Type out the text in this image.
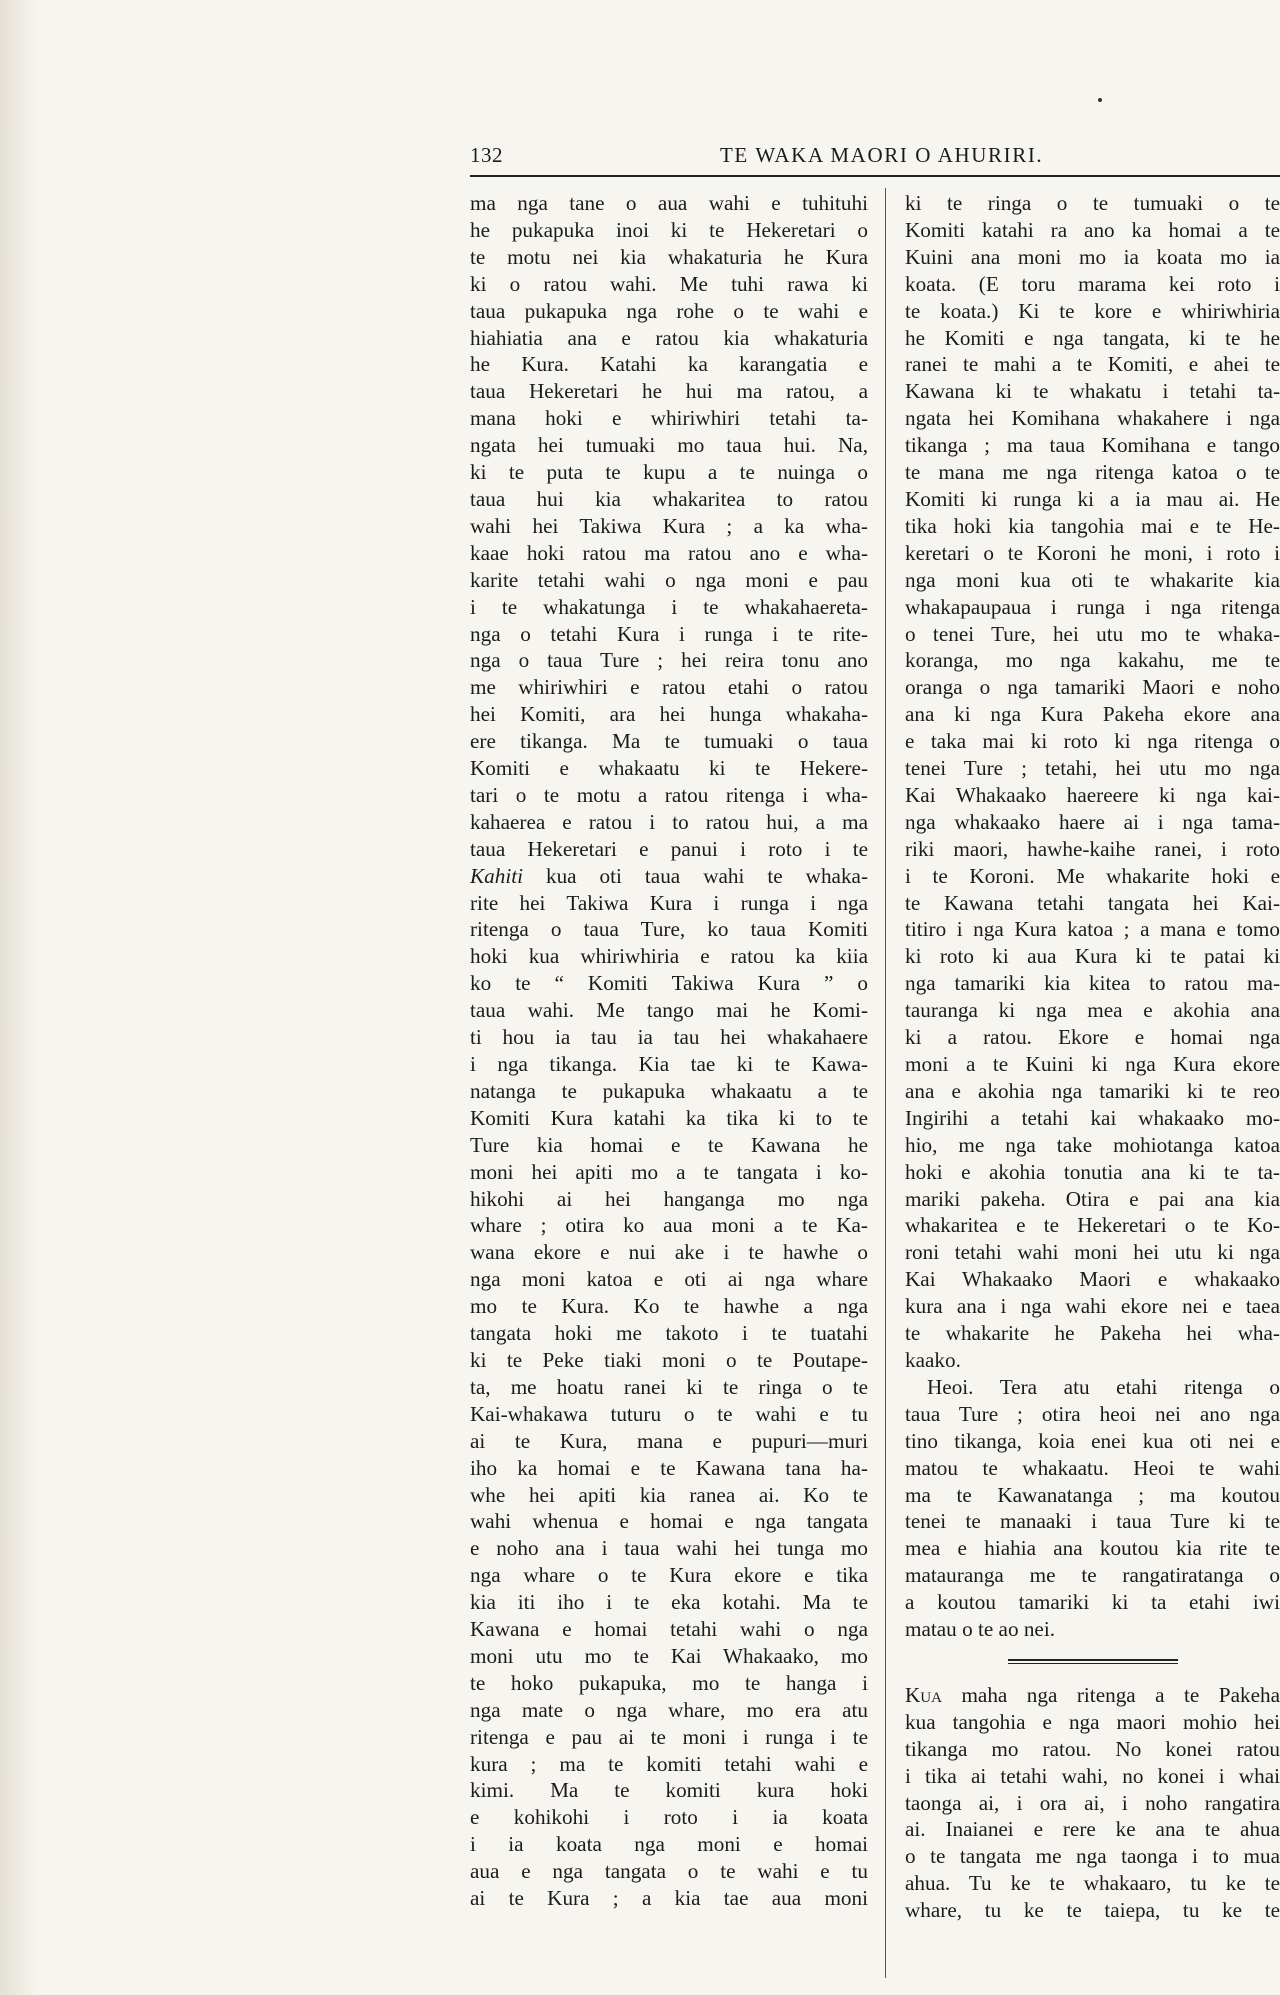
132	TE WAKA MAORI O AHURIRI.
ma nga tane o aua wahi e tuhituhi
he pukapuka inoi ki te Hekeretari o
te motu nei kia whakaturia he Kura
ki o ratou wahi. Me tuhi rawa ki
taua pukapuka nga rohe o te wahi e
hiahiatia ana e ratou kia whakaturia
he Kura. Katahi ka karangatia e
taua Hekeretari he hui ma ratou, a
mana hoki e whiriwhiri tetahi ta-
ngata hei tumuaki mo taua hui. Na,
ki te puta te kupu a te nuinga o
taua hui kia whakaritea to ratou
wahi hei Takiwa Kura ; a ka wha-
kaae hoki ratou ma ratou ano e wha-
karite tetahi wahi o nga moni e pau
i te whakatunga i te whakahaereta-
nga o tetahi Kura i runga i te rite-
nga o taua Ture ; hei reira tonu ano
me whiriwhiri e ratou etahi o ratou
hei Komiti, ara hei hunga whakaha-
ere tikanga. Ma te tumuaki o taua
Komiti e whakaatu ki te Hekere-
tari o te motu a ratou ritenga i wha-
kahaerea e ratou i to ratou hui, a ma
taua Hekeretari e panui i roto i te
Kahiti kua oti taua wahi te whaka-
rite hei Takiwa Kura i runga i nga
ritenga o taua Ture, ko taua Komiti
hoki kua whiriwhiria e ratou ka kiia
ko te “ Komiti Takiwa Kura ” o
taua wahi. Me tango mai he Komi-
ti hou ia tau ia tau hei whakahaere
i nga tikanga. Kia tae ki te Kawa-
natanga te pukapuka whakaatu a te
Komiti Kura katahi ka tika ki to te
Ture kia homai e te Kawana he
moni hei apiti mo a te tangata i ko-
hikohi ai hei hanganga mo nga
whare ; otira ko aua moni a te Ka-
wana ekore e nui ake i te hawhe o
nga moni katoa e oti ai nga whare
mo te Kura. Ko te hawhe a nga
tangata hoki me takoto i te tuatahi
ki te Peke tiaki moni o te Poutape-
ta, me hoatu ranei ki te ringa o te
Kai-whakawa tuturu o te wahi e tu
ai te Kura, mana e pupuri—muri
iho ka homai e te Kawana tana ha-
whe hei apiti kia ranea ai. Ko te
wahi whenua e homai e nga tangata
e noho ana i taua wahi hei tunga mo
nga whare o te Kura ekore e tika
kia iti iho i te eka kotahi. Ma te
Kawana e homai tetahi wahi o nga
moni utu mo te Kai Whakaako, mo
te hoko pukapuka, mo te hanga i
nga mate o nga whare, mo era atu
ritenga e pau ai te moni i runga i te
kura ; ma te komiti tetahi wahi e
kimi. Ma te komiti kura hoki
e kohikohi i roto i ia koata
i ia koata nga moni e homai
aua e nga tangata o te wahi e tu
ai te Kura ; a kia tae aua moni
ki te ringa o te tumuaki o te
Komiti katahi ra ano ka homai a te
Kuini ana moni mo ia koata mo ia
koata. (E toru marama kei roto i
te koata.) Ki te kore e whiriwhiria
he Komiti e nga tangata, ki te he
ranei te mahi a te Komiti, e ahei te
Kawana ki te whakatu i tetahi ta-
ngata hei Komihana whakahere i nga
tikanga ; ma taua Komihana e tango
te mana me nga ritenga katoa o te
Komiti ki runga ki a ia mau ai. He
tika hoki kia tangohia mai e te He-
keretari o te Koroni he moni, i roto i
nga moni kua oti te whakarite kia
whakapaupaua i runga i nga ritenga
o tenei Ture, hei utu mo te whaka-
koranga, mo nga kakahu, me te
oranga o nga tamariki Maori e noho
ana ki nga Kura Pakeha ekore ana
e taka mai ki roto ki nga ritenga o
tenei Ture ; tetahi, hei utu mo nga
Kai Whakaako haereere ki nga kai-
nga whakaako haere ai i nga tama-
riki maori, hawhe-kaihe ranei, i roto
i te Koroni. Me whakarite hoki e
te Kawana tetahi tangata hei Kai-
titiro i nga Kura katoa ; a mana e tomo
ki roto ki aua Kura ki te patai ki
nga tamariki kia kitea to ratou ma-
tauranga ki nga mea e akohia ana
ki a ratou. Ekore e homai nga
moni a te Kuini ki nga Kura ekore
ana e akohia nga tamariki ki te reo
Ingirihi a tetahi kai whakaako mo-
hio, me nga take mohiotanga katoa
hoki e akohia tonutia ana ki te ta-
mariki pakeha. Otira e pai ana kia
whakaritea e te Hekeretari o te Ko-
roni tetahi wahi moni hei utu ki nga
Kai Whakaako Maori e whakaako
kura ana i nga wahi ekore nei e taea
te whakarite he Pakeha hei wha-
kaako.
Heoi. Tera atu etahi ritenga o
taua Ture ; otira heoi nei ano nga
tino tikanga, koia enei kua oti nei e
matou te whakaatu. Heoi te wahi
ma te Kawanatanga ; ma koutou
tenei te manaaki i taua Ture ki te
mea e hiahia ana koutou kia rite te
matauranga me te rangatiratanga o
a koutou tamariki ki ta etahi iwi
matau o te ao nei.
Kua maha nga ritenga a te Pakeha
kua tangohia e nga maori mohio hei
tikanga mo ratou. No konei ratou
i tika ai tetahi wahi, no konei i whai
taonga ai, i ora ai, i noho rangatira
ai. Inaianei e rere ke ana te ahua
o te tangata me nga taonga i to mua
ahua. Tu ke te whakaaro, tu ke te
whare, tu ke te taiepa, tu ke te
